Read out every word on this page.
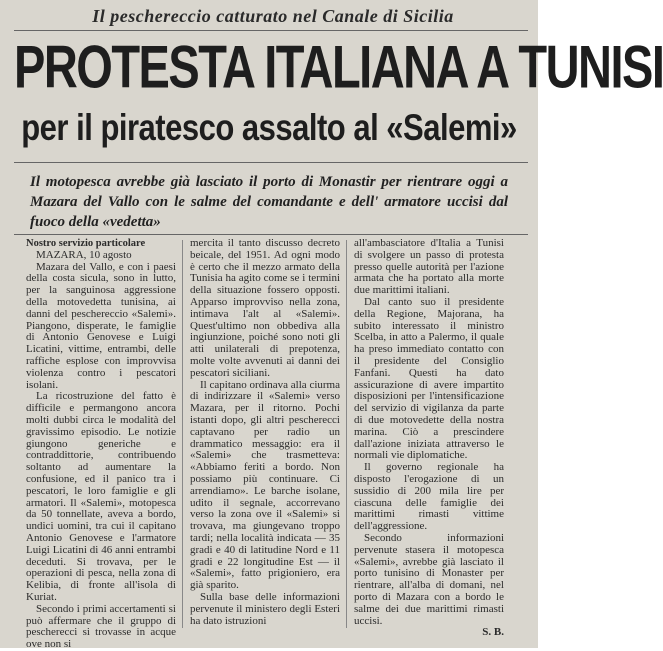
Il peschereccio catturato nel Canale di Sicilia
PROTESTA ITALIANA A TUNISI
per il piratesco assalto al «Salemi»
Il motopesca avrebbe già lasciato il porto di Monastir per rientrare oggi a Mazara del Vallo con le salme del comandante e dell' armatore uccisi dal fuoco della «vedetta»

Nostro servizio particolare

MAZARA, 10 agosto

Mazara del Vallo, e con i paesi della costa sicula, sono in lutto, per la sanguinosa aggressione della motovedetta tunisina, ai danni del peschereccio «Salemi». Piangono, disperate, le famiglie di Antonio Genovese e Luigi Licatini, vittime, entrambi, delle raffiche esplose con improvvisa violenza contro i pescatori isolani.

La ricostruzione del fatto è difficile e permangono ancora molti dubbi circa le modalità del gravissimo episodio. Le notizie giungono generiche e contraddittorie, contribuendo soltanto ad aumentare la confusione, ed il panico tra i pescatori, le loro famiglie e gli armatori. Il «Salemi», motopesca da 50 tonnellate, aveva a bordo, undici uomini, tra cui il capitano Antonio Genovese e l'armatore Luigi Licatini di 46 anni entrambi deceduti. Si trovava, per le operazioni di pesca, nella zona di Kelibia, di fronte all'isola di Kuriat.

Secondo i primi accertamenti si può affermare che il gruppo di pescherecci si trovasse in acque ove non si

mercita il tanto discusso decreto beicale, del 1951. Ad ogni modo è certo che il mezzo armato della Tunisia ha agito come se i termini della situazione fossero opposti. Apparso improvviso nella zona, intimava l'alt al «Salemi». Quest'ultimo non obbediva alla ingiunzione, poiché sono noti gli atti unilaterali di prepotenza, molte volte avvenuti ai danni dei pescatori siciliani.

Il capitano ordinava alla ciurma di indirizzare il «Salemi» verso Mazara, per il ritorno. Pochi istanti dopo, gli altri pescherecci captavano per radio un drammatico messaggio: era il «Salemi» che trasmetteva: «Abbiamo feriti a bordo. Non possiamo più continuare. Ci arrendiamo». Le barche isolane, udito il segnale, accorrevano verso la zona ove il «Salemi» si trovava, ma giungevano troppo tardi; nella località indicata — 35 gradi e 40 di latitudine Nord e 11 gradi e 22 longitudine Est — il «Salemi», fatto prigioniero, era già sparito.

Sulla base delle informazioni pervenute il ministero degli Esteri ha dato istruzioni

all'ambasciatore d'Italia a Tunisi di svolgere un passo di protesta presso quelle autorità per l'azione armata che ha portato alla morte due marittimi italiani.

Dal canto suo il presidente della Regione, Majorana, ha subito interessato il ministro Scelba, in atto a Palermo, il quale ha preso immediato contatto con il presidente del Consiglio Fanfani. Questi ha dato assicurazione di avere impartito disposizioni per l'intensificazione del servizio di vigilanza da parte di due motovedette della nostra marina. Ciò a prescindere dall'azione iniziata attraverso le normali vie diplomatiche.

Il governo regionale ha disposto l'erogazione di un sussidio di 200 mila lire per ciascuna delle famiglie dei marittimi rimasti vittime dell'aggressione.

Secondo informazioni pervenute stasera il motopesca «Salemi», avrebbe già lasciato il porto tunisino di Monaster per rientrare, all'alba di domani, nel porto di Mazara con a bordo le salme dei due marittimi rimasti uccisi.

S. B.
